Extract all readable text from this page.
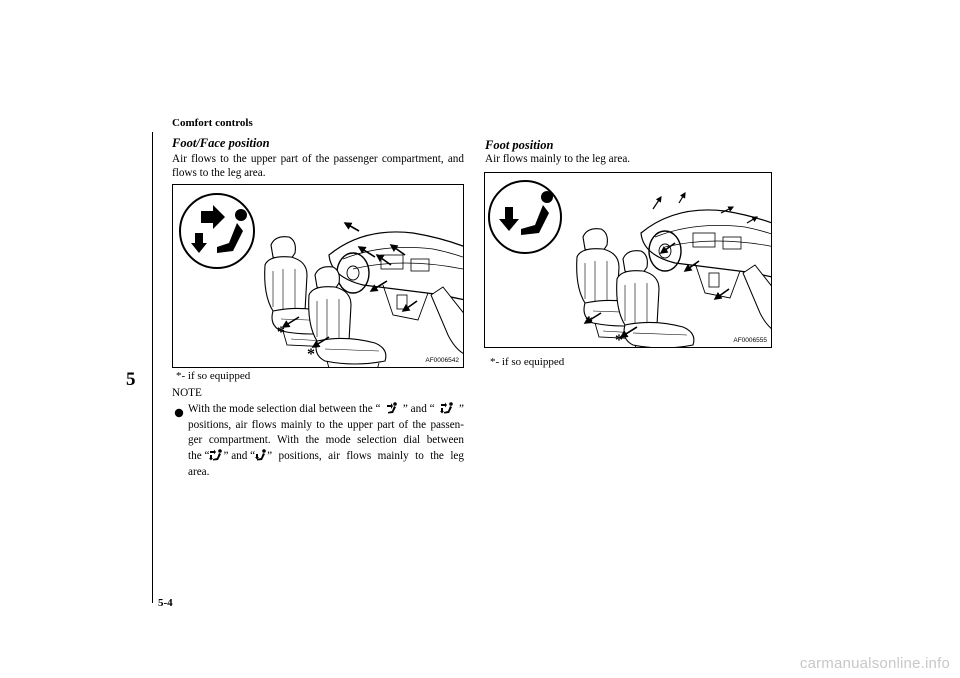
Comfort controls
5
Foot/Face position
Air flows to the upper part of the passenger compartment, and
flows to the leg area.
*
*	AF0006542
*- if so equipped
NOTE
With the mode selection dial between the “ ” and “ ”
positions, air flows mainly to the upper part of the passen-
ger compartment. With the mode selection dial between
the “ ” and “ ” positions, air flows mainly to the leg
area.
Foot position
Air flows mainly to the leg area.
*
*	AF0006555
*- if so equipped
5-4
carmanualsonline.info
